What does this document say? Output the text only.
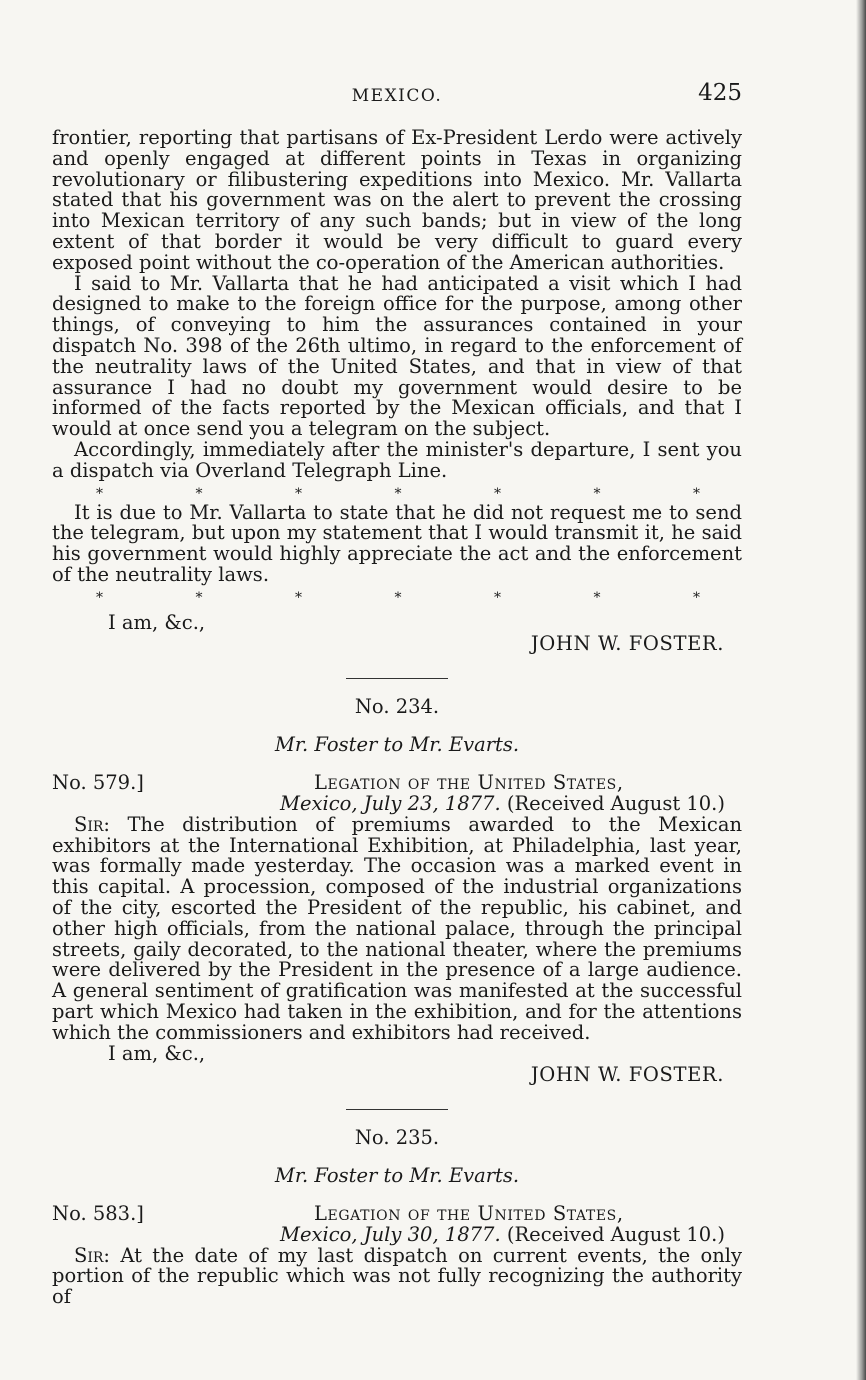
MEXICO.	425

frontier, reporting that partisans of Ex-President Lerdo were actively and openly engaged at different points in Texas in organizing revolutionary or filibustering expeditions into Mexico. Mr. Vallarta stated that his government was on the alert to prevent the crossing into Mexican territory of any such bands; but in view of the long extent of that border it would be very difficult to guard every exposed point without the co-operation of the American authorities.

I said to Mr. Vallarta that he had anticipated a visit which I had designed to make to the foreign office for the purpose, among other things, of conveying to him the assurances contained in your dispatch No. 398 of the 26th ultimo, in regard to the enforcement of the neutrality laws of the United States, and that in view of that assurance I had no doubt my government would desire to be informed of the facts reported by the Mexican officials, and that I would at once send you a telegram on the subject.

Accordingly, immediately after the minister's departure, I sent you a dispatch via Overland Telegraph Line.

*	*	*	*	*	*	*

It is due to Mr. Vallarta to state that he did not request me to send the telegram, but upon my statement that I would transmit it, he said his government would highly appreciate the act and the enforcement of the neutrality laws.

*	*	*	*	*	*	*
I am, &c.,
JOHN W. FOSTER.
No. 234.
Mr. Foster to Mr. Evarts.
No. 579.]	Legation of the United States,
Mexico, July 23, 1877. (Received August 10.)

Sir: The distribution of premiums awarded to the Mexican exhibitors at the International Exhibition, at Philadelphia, last year, was formally made yesterday. The occasion was a marked event in this capital. A procession, composed of the industrial organizations of the city, escorted the President of the republic, his cabinet, and other high officials, from the national palace, through the principal streets, gaily decorated, to the national theater, where the premiums were delivered by the President in the presence of a large audience. A general sentiment of gratification was manifested at the successful part which Mexico had taken in the exhibition, and for the attentions which the commissioners and exhibitors had received.

I am, &c.,
JOHN W. FOSTER.
No. 235.
Mr. Foster to Mr. Evarts.
No. 583.]	Legation of the United States,
Mexico, July 30, 1877. (Received August 10.)

Sir: At the date of my last dispatch on current events, the only portion of the republic which was not fully recognizing the authority of
